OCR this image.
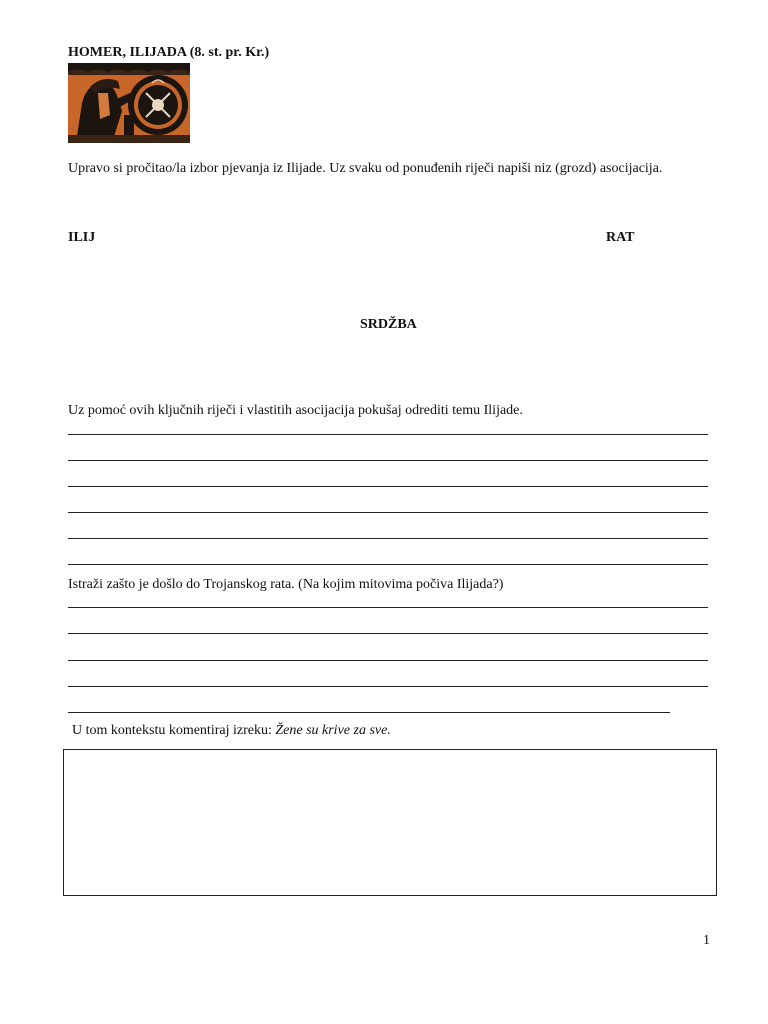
HOMER, ILIJADA (8. st. pr. Kr.)
Upravo si pročitao/la izbor pjevanja iz Ilijade. Uz svaku od ponuđenih riječi napiši niz (grozd) asocijacija.
ILIJ	RAT
SRDŽBA
Uz pomoć ovih ključnih riječi i vlastitih asocijacija pokušaj odrediti temu Ilijade.
Istraži zašto je došlo do Trojanskog rata. (Na kojim mitovima počiva Ilijada?)
U tom kontekstu komentiraj izreku: Žene su krive za sve.
1
